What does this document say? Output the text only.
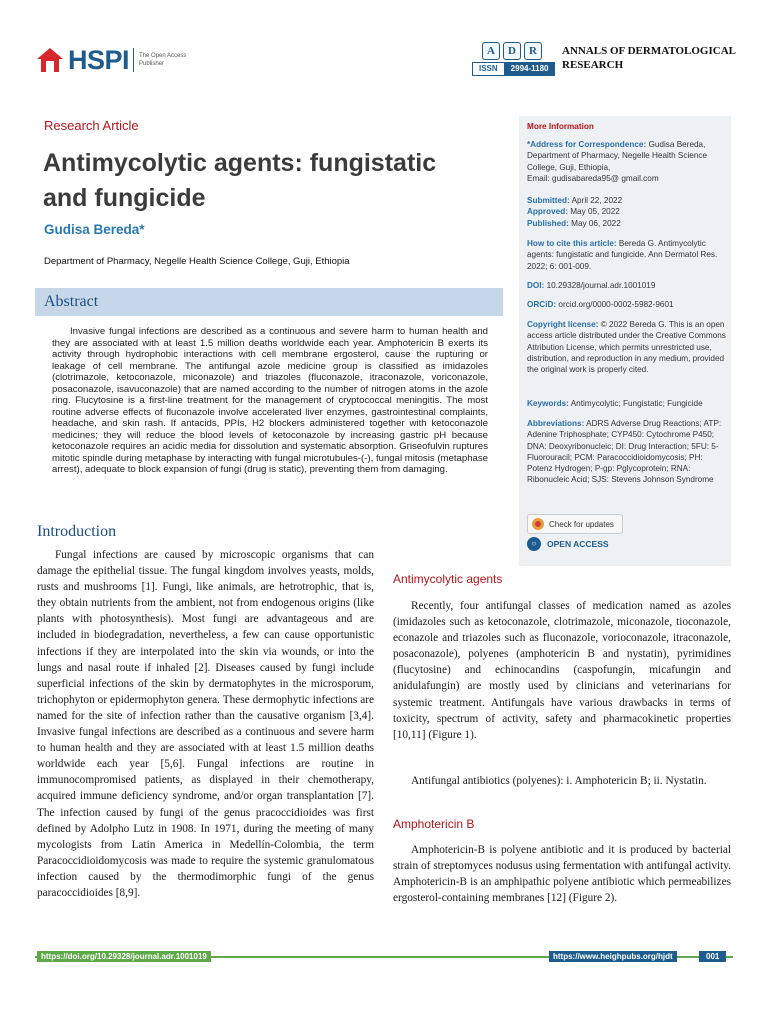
HSPI The Open Access Publisher
A	D	R
ISSN	2994-1180
ANNALS OF DERMATOLOGICAL RESEARCH
Research Article
Antimycolytic agents: fungistatic and fungicide
Gudisa Bereda*
Department of Pharmacy, Negelle Health Science College, Guji, Ethiopia
Abstract
Invasive fungal infections are described as a continuous and severe harm to human health and they are associated with at least 1.5 million deaths worldwide each year. Amphotericin B exerts its activity through hydrophobic interactions with cell membrane ergosterol, cause the rupturing or leakage of cell membrane. The antifungal azole medicine group is classified as imidazoles (clotrimazole, ketoconazole, miconazole) and triazoles (fluconazole, itraconazole, voriconazole, posaconazole, isavuconazole) that are named according to the number of nitrogen atoms in the azole ring. Flucytosine is a first-line treatment for the management of cryptococcal meningitis. The most routine adverse effects of fluconazole involve accelerated liver enzymes, gastrointestinal complaints, headache, and skin rash. If antacids, PPIs, H2 blockers administered together with ketoconazole medicines; they will reduce the blood levels of ketoconazole by increasing gastric pH because ketoconazole requires an acidic media for dissolution and systematic absorption. Griseofulvin ruptures mitotic spindle during metaphase by interacting with fungal microtubules-(-), fungal mitosis (metaphase arrest), adequate to block expansion of fungi (drug is static), preventing them from damaging.
More Information
*Address for Correspondence: Gudisa Bereda, Department of Pharmacy, Negelle Health Science College, Guji, Ethiopia,
Email: gudisabareda95@ gmail.com
Submitted: April 22, 2022
Approved: May 05, 2022
Published: May 06, 2022
How to cite this article: Bereda G. Antimycolytic agents: fungistatic and fungicide. Ann Dermatol Res. 2022; 6: 001-009.
DOI: 10.29328/journal.adr.1001019
ORCiD: orcid.org/0000-0002-5982-9601
Copyright license: © 2022 Bereda G. This is an open access article distributed under the Creative Commons Attribution License, which permits unrestricted use, distribution, and reproduction in any medium, provided the original work is properly cited.
Keywords: Antimycolytic; Fungistatic; Fungicide
Abbreviations: ADRS Adverse Drug Reactions; ATP: Adenine Triphosphate; CYP450: Cytochrome P450; DNA: Deoxyribonucleic; DI: Drug Interaction; 5FU: 5-Fluorouracil; PCM: Paracoccidioidomycosis; PH: Potenz Hydrogen; P-gp: Pglycoprotein; RNA: Ribonucleic Acid; SJS: Stevens Johnson Syndrome
Check for updates
○	OPEN ACCESS
Introduction
Fungal infections are caused by microscopic organisms that can damage the epithelial tissue. The fungal kingdom involves yeasts, molds, rusts and mushrooms [1]. Fungi, like animals, are hetrotrophic, that is, they obtain nutrients from the ambient, not from endogenous origins (like plants with photosynthesis). Most fungi are advantageous and are included in biodegradation, nevertheless, a few can cause opportunistic infections if they are interpolated into the skin via wounds, or into the lungs and nasal route if inhaled [2]. Diseases caused by fungi include superficial infections of the skin by dermatophytes in the microsporum, trichophyton or epidermophyton genera. These dermophytic infections are named for the site of infection rather than the causative organism [3,4]. Invasive fungal infections are described as a continuous and severe harm to human health and they are associated with at least 1.5 million deaths worldwide each year [5,6]. Fungal infections are routine in immunocompromised patients, as displayed in their chemotherapy, acquired immune deficiency syndrome, and/or organ transplantation [7]. The infection caused by fungi of the genus pracoccidioides was first defined by Adolpho Lutz in 1908. In 1971, during the meeting of many mycologists from Latin America in Medellín-Colombia, the term Paracoccidioidomycosis was made to require the systemic granulomatous infection caused by the thermodimorphic fungi of the genus paracoccidioides [8,9].
Antimycolytic agents
Recently, four antifungal classes of medication named as azoles (imidazoles such as ketoconazole, clotrimazole, miconazole, tioconazole, econazole and triazoles such as fluconazole, vorioconazole, itraconazole, posaconazole), polyenes (amphotericin B and nystatin), pyrimidines (flucytosine) and echinocandins (caspofungin, micafungin and anidulafungin) are mostly used by clinicians and veterinarians for systemic treatment. Antifungals have various drawbacks in terms of toxicity, spectrum of activity, safety and pharmacokinetic properties [10,11] (Figure 1).
Antifungal antibiotics (polyenes): i. Amphotericin B; ii. Nystatin.
Amphotericin B
Amphotericin-B is polyene antibiotic and it is produced by bacterial strain of streptomyces nodusus using fermentation with antifungal activity. Amphotericin-B is an amphipathic polyene antibiotic which permeabilizes ergosterol-containing membranes [12] (Figure 2).
https://doi.org/10.29328/journal.adr.1001019	https://www.heighpubs.org/hjdt	001
